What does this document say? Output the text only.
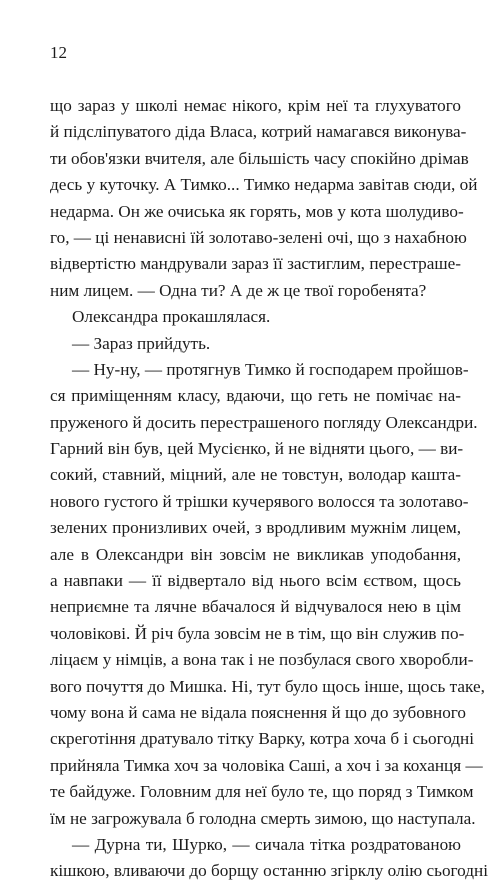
12
що зараз у школі немає нікого, крім неї та глухуватого
й підсліпуватого діда Власа, котрий намагався виконува-
ти обов'язки вчителя, але більшість часу спокійно дрімав
десь у куточку. А Тимко... Тимко недарма завітав сюди, ой
недарма. Он же очиська як горять, мов у кота шолудиво-
го, — ці ненависні їй золотаво-зелені очі, що з нахабною
відвертістю мандрували зараз її застиглим, перестраше-
ним лицем. — Одна ти? А де ж це твої горобенята?
Олександра прокашлялася.
— Зараз прийдуть.
— Ну-ну, — протягнув Тимко й господарем пройшов-
ся приміщенням класу, вдаючи, що геть не помічає на-
пруженого й досить перестрашеного погляду Олександри.
Гарний він був, цей Мусієнко, й не відняти цього, — ви-
сокий, ставний, міцний, але не товстун, володар кашта-
нового густого й трішки кучерявого волосся та золотаво-
зелених пронизливих очей, з вродливим мужнім лицем,
але в Олександри він зовсім не викликав уподобання,
а навпаки — її відвертало від нього всім єством, щось
неприємне та лячне вбачалося й відчувалося нею в цім
чоловікові. Й річ була зовсім не в тім, що він служив по-
ліцаєм у німців, а вона так і не позбулася свого хворобли-
вого почуття до Мишка. Ні, тут було щось інше, щось таке,
чому вона й сама не відала пояснення й що до зубовного
скреготіння дратувало тітку Варку, котра хоча б і сьогодні
прийняла Тимка хоч за чоловіка Саші, а хоч і за коханця —
те байдуже. Головним для неї було те, що поряд з Тимком
їм не загрожувала б голодна смерть зимою, що наступала.
— Дурна ти, Шурко, — сичала тітка роздратованою
кішкою, вливаючи до борщу останню згірклу олію сьогодні
